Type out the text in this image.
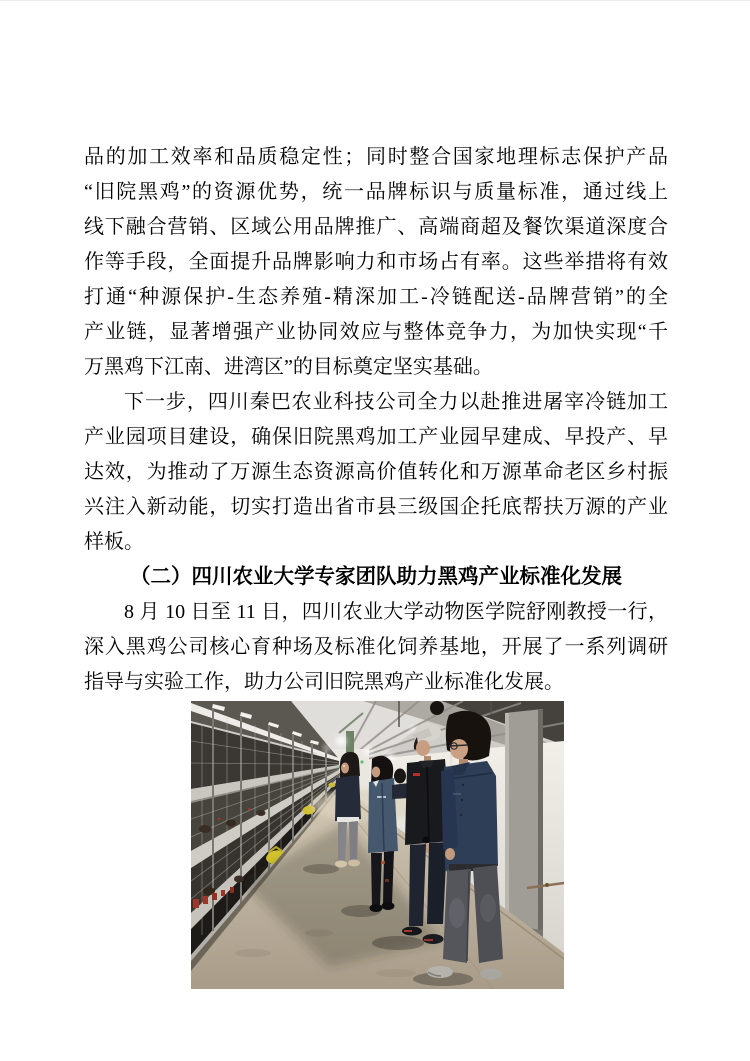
品的加工效率和品质稳定性；同时整合国家地理标志保护产品
“旧院黑鸡”的资源优势，统一品牌标识与质量标准，通过线上
线下融合营销、区域公用品牌推广、高端商超及餐饮渠道深度合
作等手段，全面提升品牌影响力和市场占有率。这些举措将有效
打通“种源保护-生态养殖-精深加工-冷链配送-品牌营销”的全
产业链，显著增强产业协同效应与整体竞争力，为加快实现“千
万黑鸡下江南、进湾区”的目标奠定坚实基础。
下一步，四川秦巴农业科技公司全力以赴推进屠宰冷链加工
产业园项目建设，确保旧院黑鸡加工产业园早建成、早投产、早
达效，为推动了万源生态资源高价值转化和万源革命老区乡村振
兴注入新动能，切实打造出省市县三级国企托底帮扶万源的产业
样板。
（二）四川农业大学专家团队助力黑鸡产业标准化发展
8 月 10 日至 11 日，四川农业大学动物医学院舒刚教授一行，
深入黑鸡公司核心育种场及标准化饲养基地，开展了一系列调研
指导与实验工作，助力公司旧院黑鸡产业标准化发展。
